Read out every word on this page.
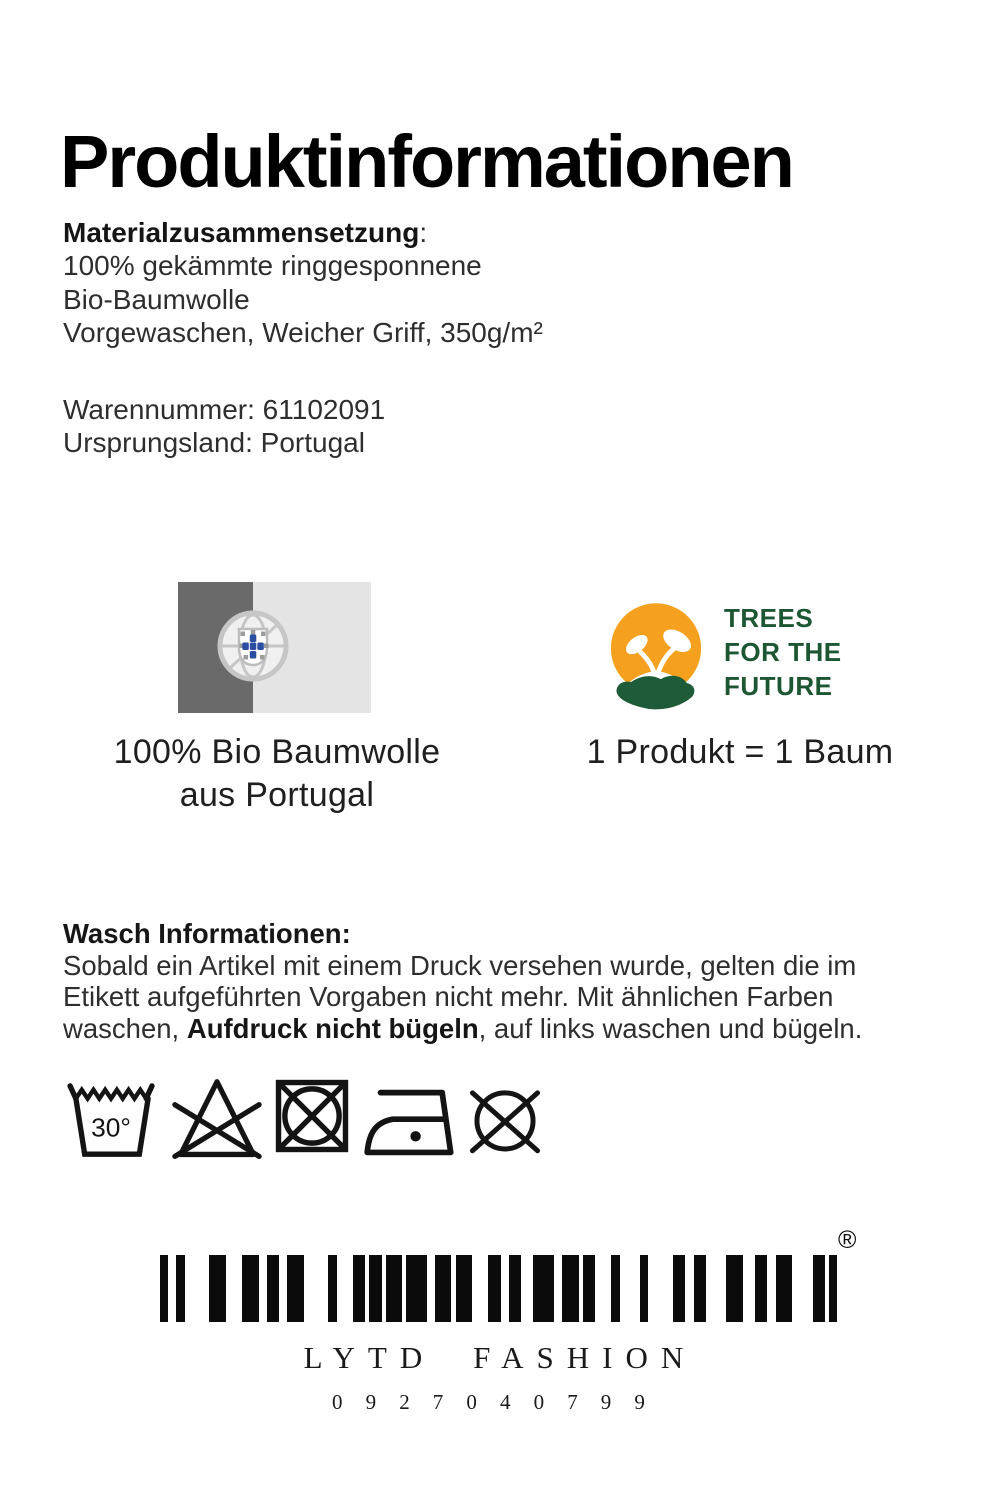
Produktinformationen
Materialzusammensetzung:
100% gekämmte ringgesponnene
Bio-Baumwolle
Vorgewaschen, Weicher Griff, 350g/m²
Warennummer: 61102091
Ursprungsland: Portugal
100% Bio Baumwolle
aus Portugal
TREES
FOR THE
FUTURE
1 Produkt = 1 Baum
Wasch Informationen:
Sobald ein Artikel mit einem Druck versehen wurde, gelten die im
Etikett aufgeführten Vorgaben nicht mehr. Mit ähnlichen Farben
waschen, Aufdruck nicht bügeln, auf links waschen und bügeln.
30°
®
LYTD FASHION
0927040799
